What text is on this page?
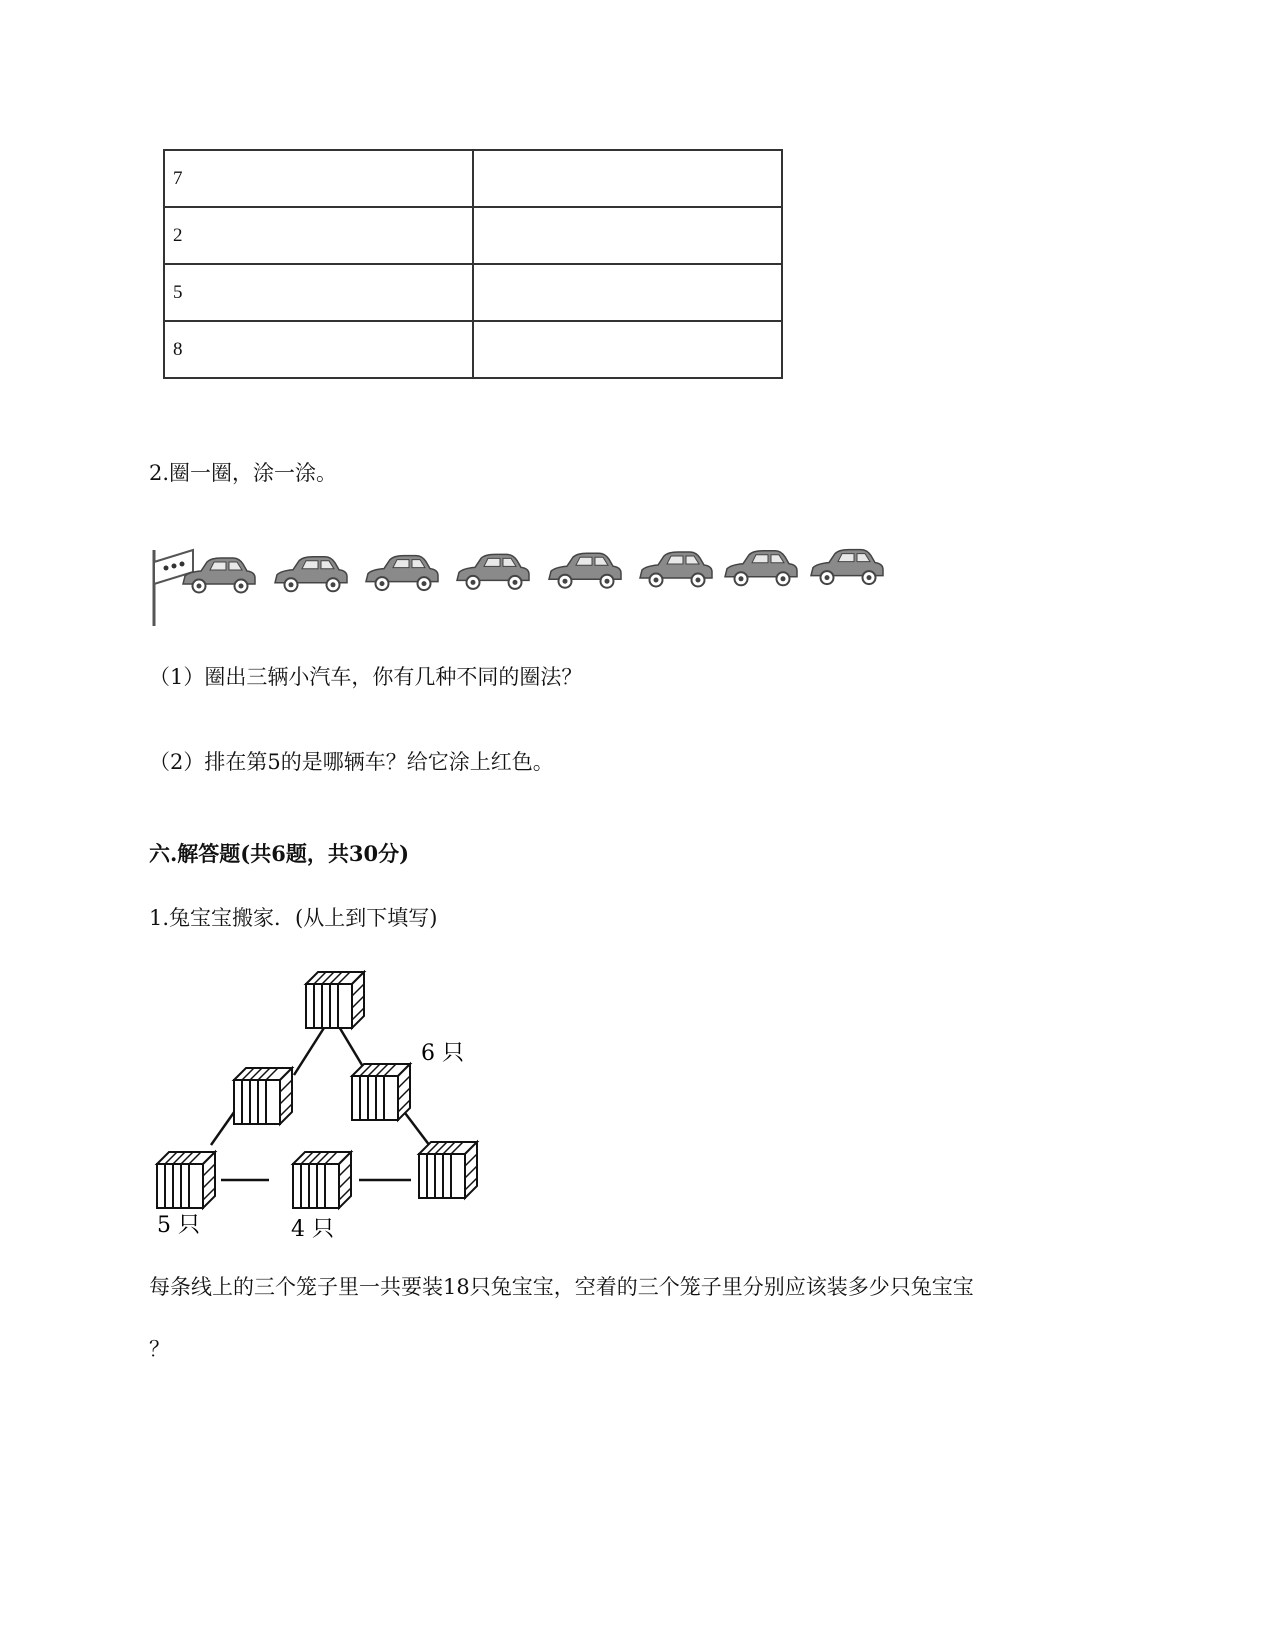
7	
2	
5	
8	
2.圈一圈，涂一涂。
（1）圈出三辆小汽车，你有几种不同的圈法？
（2）排在第5的是哪辆车？给它涂上红色。
六.解答题(共6题，共30分)
1.兔宝宝搬家．(从上到下填写)
6 只
5 只	4 只
每条线上的三个笼子里一共要装18只兔宝宝，空着的三个笼子里分别应该装多少只兔宝宝
？
